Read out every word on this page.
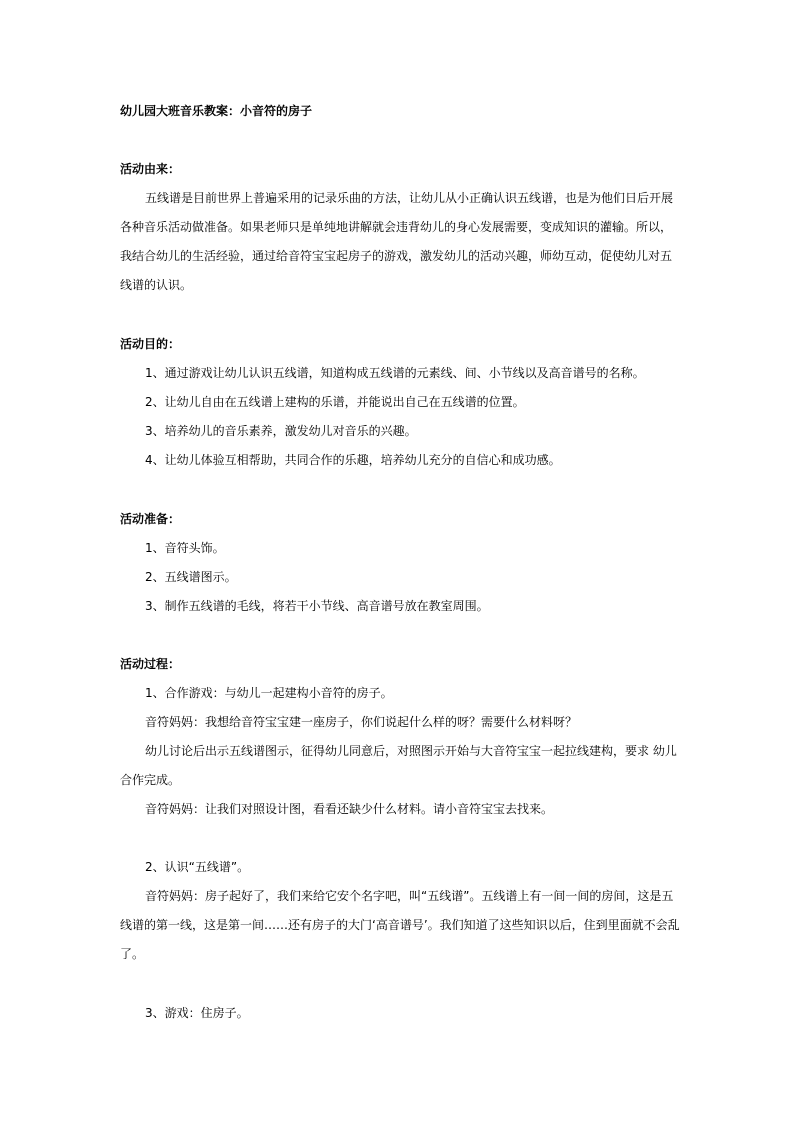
幼儿园大班音乐教案：小音符的房子
活动由来：
五线谱是目前世界上普遍采用的记录乐曲的方法，让幼儿从小正确认识五线谱，也是为他们日后开展
各种音乐活动做准备。如果老师只是单纯地讲解就会违背幼儿的身心发展需要，变成知识的灌输。所以，
我结合幼儿的生活经验，通过给音符宝宝起房子的游戏，激发幼儿的活动兴趣，师幼互动，促使幼儿对五
线谱的认识。
活动目的：
1、通过游戏让幼儿认识五线谱，知道构成五线谱的元素线、间、小节线以及高音谱号的名称。
2、让幼儿自由在五线谱上建构的乐谱，并能说出自己在五线谱的位置。
3、培养幼儿的音乐素养，激发幼儿对音乐的兴趣。
4、让幼儿体验互相帮助，共同合作的乐趣，培养幼儿充分的自信心和成功感。
活动准备：
1、音符头饰。
2、五线谱图示。
3、制作五线谱的毛线，将若干小节线、高音谱号放在教室周围。
活动过程：
1、合作游戏：与幼儿一起建构小音符的房子。
音符妈妈：我想给音符宝宝建一座房子，你们说起什么样的呀？需要什么材料呀？
幼儿讨论后出示五线谱图示，征得幼儿同意后，对照图示开始与大音符宝宝一起拉线建构，要求 幼儿
合作完成。
音符妈妈：让我们对照设计图，看看还缺少什么材料。请小音符宝宝去找来。
2、认识“五线谱”。
音符妈妈：房子起好了，我们来给它安个名字吧，叫“五线谱”。五线谱上有一间一间的房间，这是五
线谱的第一线，这是第一间……还有房子的大门‘高音谱号’。我们知道了这些知识以后，住到里面就不会乱
了。
3、游戏：住房子。
